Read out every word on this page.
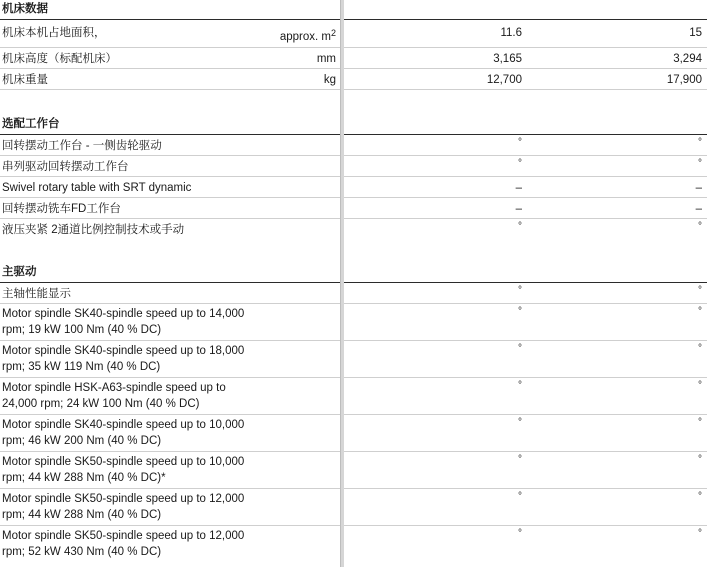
机床数据
机床本机占地面积，	approx. $m^2$	11.6	15
机床高度（标配机床）	mm	3,165	3,294
机床重量	kg	12,700	17,900
选配工作台
回转摆动工作台 - 一侧齿轮驱动	°	°
串列驱动回转摆动工作台	°	°
Swivel rotary table with SRT dynamic	–	–
回转摆动铣车FD工作台	–	–
液压夹紧 2通道比例控制技术或手动	°	°
主驱动
主轴性能显示	°	°
Motor spindle SK40-spindle speed up to 14,000
rpm; 19 kW 100 Nm (40 % DC)
°	°
Motor spindle SK40-spindle speed up to 18,000
rpm; 35 kW 119 Nm (40 % DC)
°	°
Motor spindle HSK-A63-spindle speed up to
24,000 rpm; 24 kW 100 Nm (40 % DC)
°	°
Motor spindle SK40-spindle speed up to 10,000
rpm; 46 kW 200 Nm (40 % DC)
°	°
Motor spindle SK50-spindle speed up to 10,000
rpm; 44 kW 288 Nm (40 % DC)*
°	°
Motor spindle SK50-spindle speed up to 12,000
rpm; 44 kW 288 Nm (40 % DC)
°	°
Motor spindle SK50-spindle speed up to 12,000
rpm; 52 kW 430 Nm (40 % DC)
°	°
